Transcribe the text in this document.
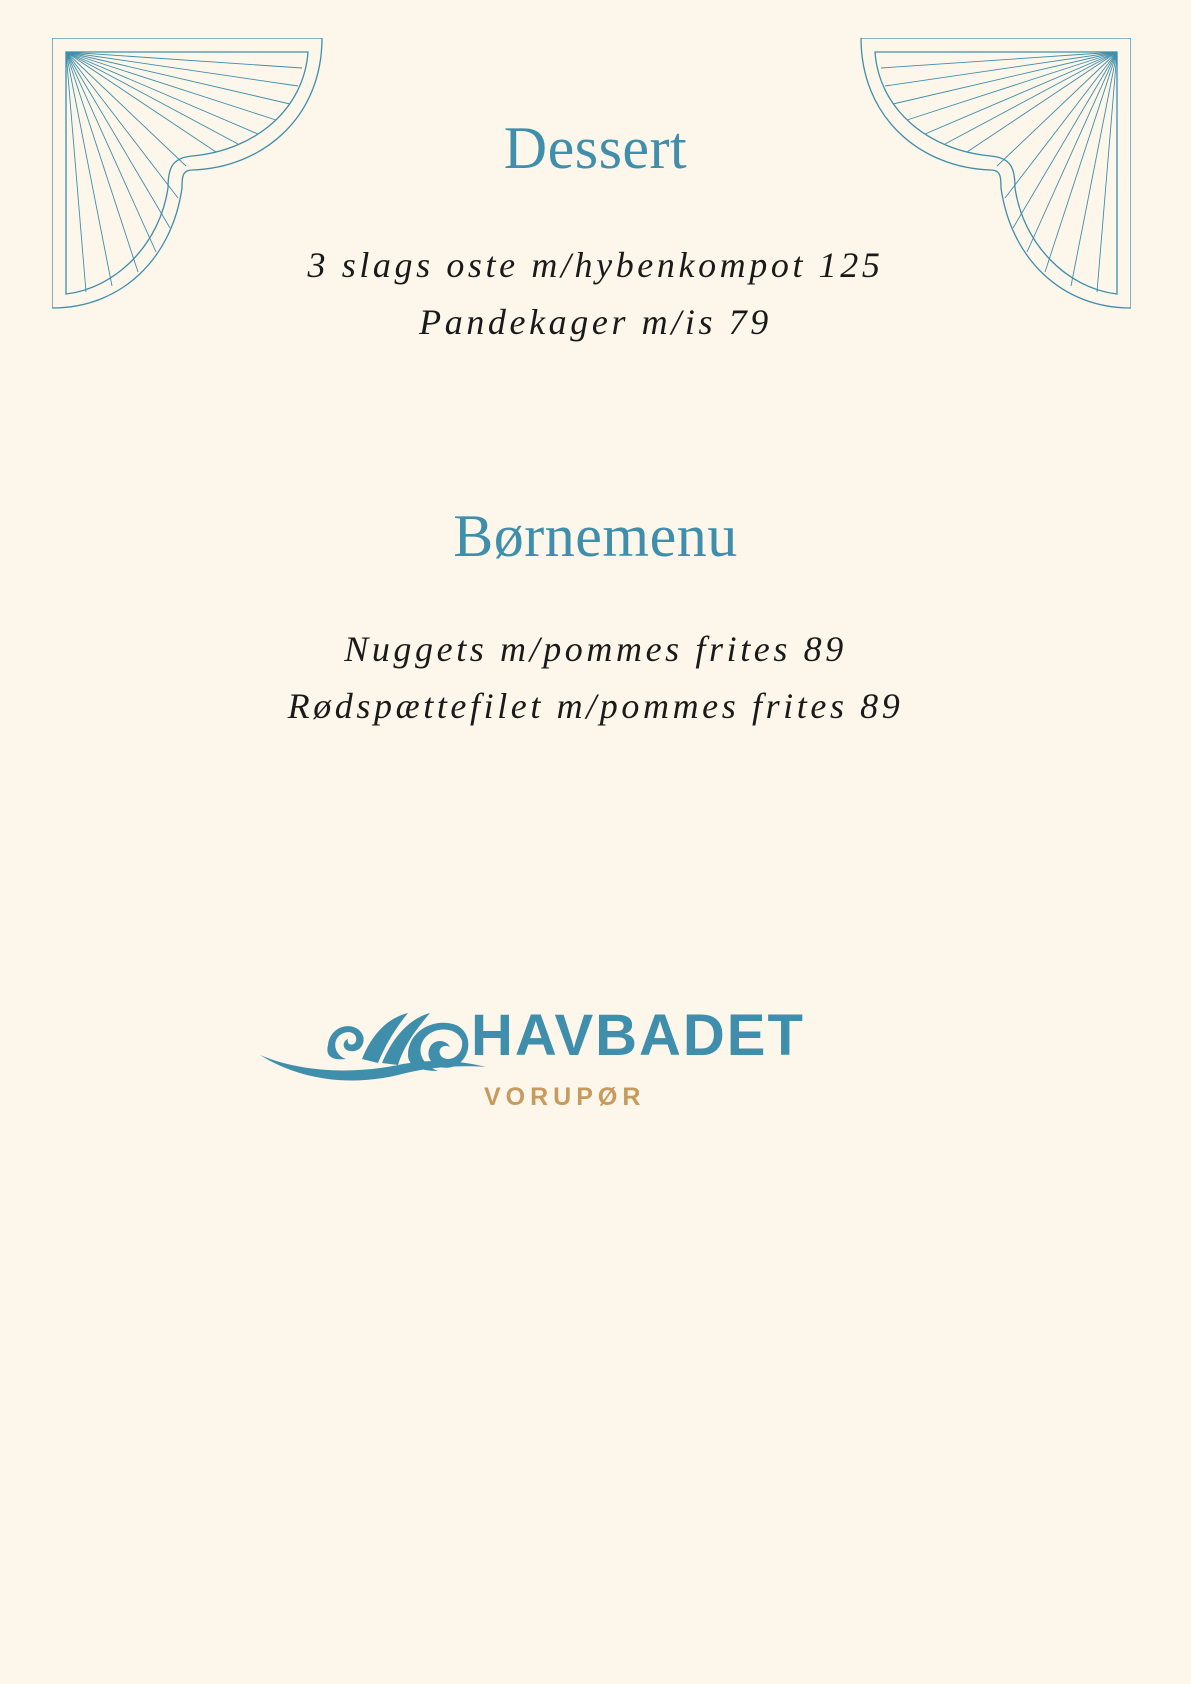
Dessert
3 slags oste m/hybenkompot 125
Pandekager m/is 79
Børnemenu
Nuggets m/pommes frites 89
Rødspættefilet m/pommes frites 89
HAVBADET
VORUPØR
